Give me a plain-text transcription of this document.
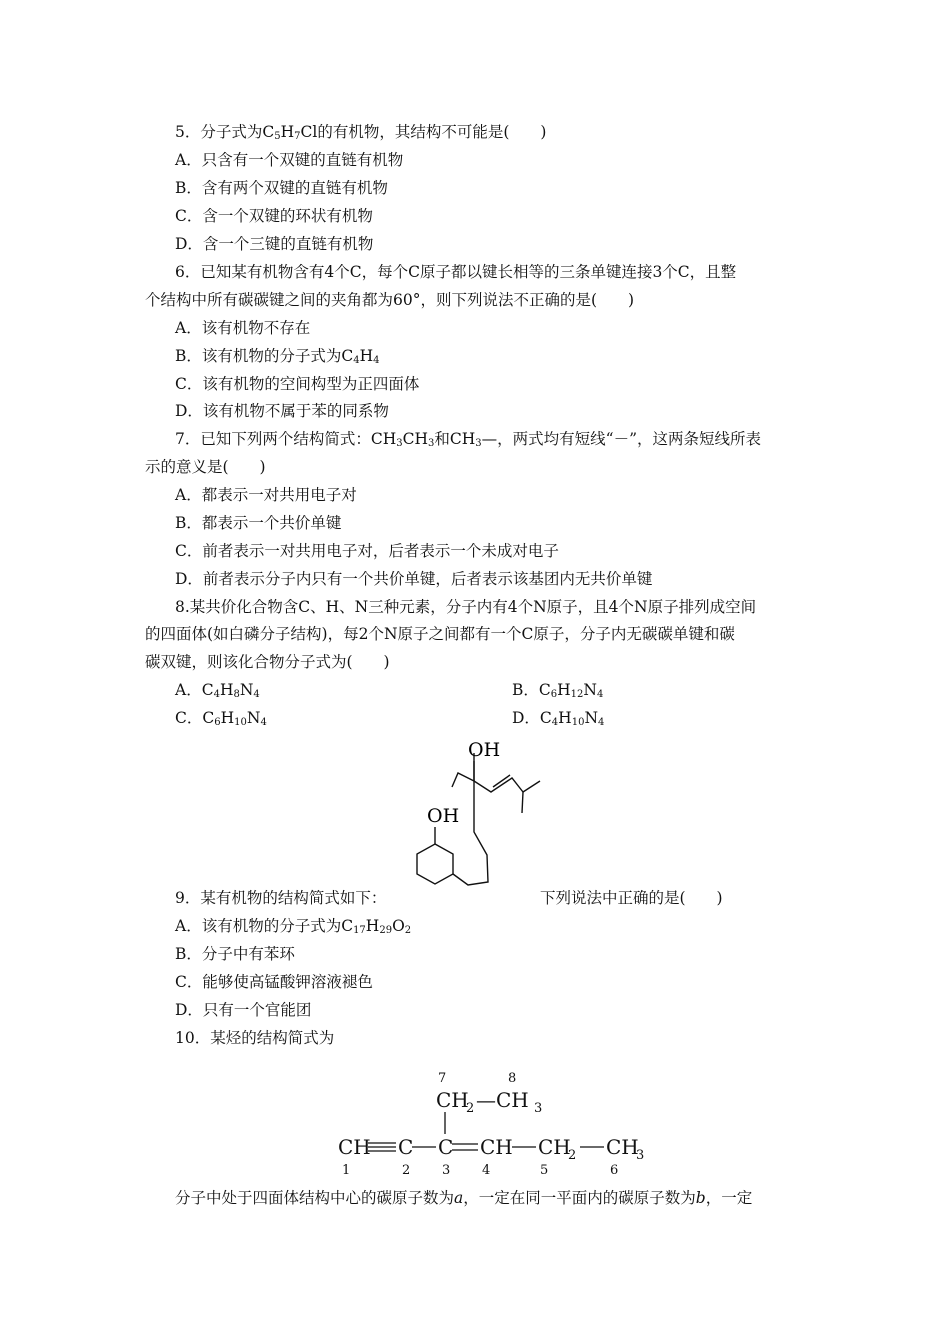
5．分子式为$C_5H_7Cl$的有机物，其结构不可能是(　　)
A．只含有一个双键的直链有机物
B．含有两个双键的直链有机物
C．含一个双键的环状有机物
D．含一个三键的直链有机物
6．已知某有机物含有4个C，每个C原子都以键长相等的三条单键连接3个C，且整
个结构中所有碳碳键之间的夹角都为60°，则下列说法不正确的是(　　)
A．该有机物不存在
B．该有机物的分子式为$C_4H_4$
C．该有机物的空间构型为正四面体
D．该有机物不属于苯的同系物
7．已知下列两个结构简式：$CH_3CH_3$和$CH_3—$，两式均有短线“－”，这两条短线所表
示的意义是(　　)
A．都表示一对共用电子对
B．都表示一个共价单键
C．前者表示一对共用电子对，后者表示一个未成对电子
D．前者表示分子内只有一个共价单键，后者表示该基团内无共价单键
8.某共价化合物含C、H、N三种元素，分子内有4个N原子，且4个N原子排列成空间
的四面体(如白磷分子结构)，每2个N原子之间都有一个C原子，分子内无碳碳单键和碳
碳双键，则该化合物分子式为(　　)
A．$C_4H_8N_4$	B．$C_6H_{12}N_4$
C．$C_6H_{10}N_4$	D．$C_4H_{10}N_4$
OH
OH
9．某有机物的结构简式如下：	下列说法中正确的是(　　)
A．该有机物的分子式为$C_{17}H_{29}O_2$
B．分子中有苯环
C．能够使高锰酸钾溶液褪色
D．只有一个官能团
10．某烃的结构简式为
7	8
CH
2 —CH 3
CH C C CH CH
2 CH
3
1	2 3 4	5	6
分子中处于四面体结构中心的碳原子数为a，一定在同一平面内的碳原子数为b，一定
